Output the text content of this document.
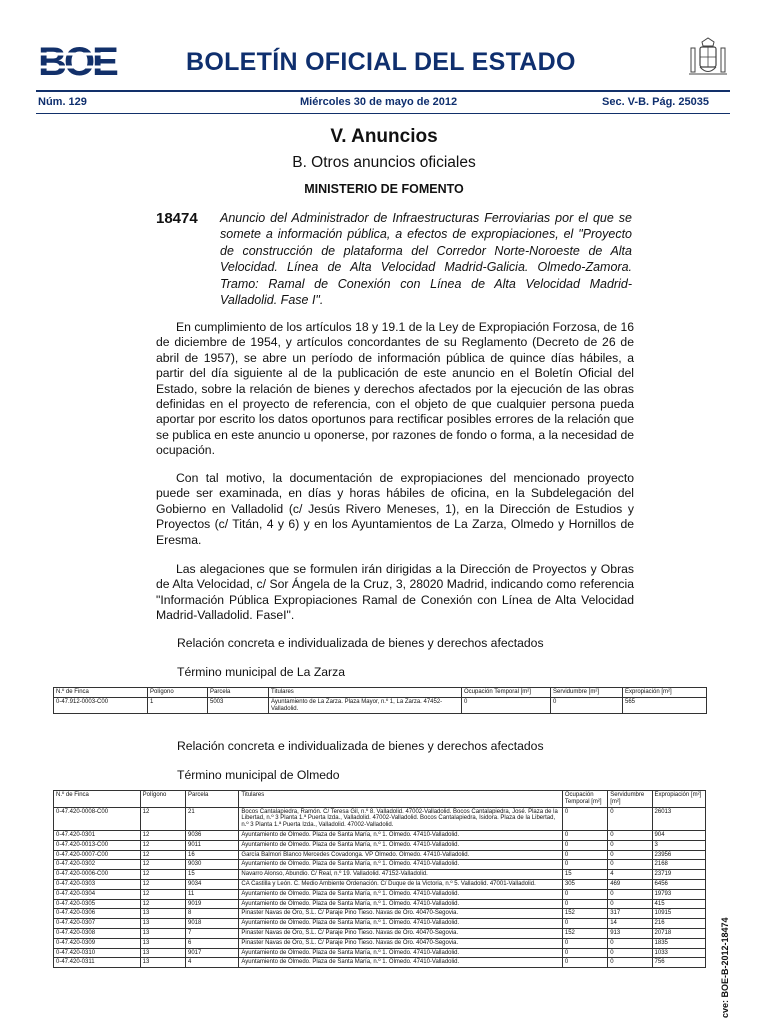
BOE	BOLETÍN OFICIAL DEL ESTADO
Núm. 129	Miércoles 30 de mayo de 2012	Sec. V-B. Pág. 25035
V. Anuncios
B. Otros anuncios oficiales
MINISTERIO DE FOMENTO
18474 Anuncio del Administrador de Infraestructuras Ferroviarias por el que se somete a información pública, a efectos de expropiaciones, el "Proyecto de construcción de plataforma del Corredor Norte-Noroeste de Alta Velocidad. Línea de Alta Velocidad Madrid-Galicia. Olmedo-Zamora. Tramo: Ramal de Conexión con Línea de Alta Velocidad Madrid-Valladolid. Fase I".
En cumplimiento de los artículos 18 y 19.1 de la Ley de Expropiación Forzosa, de 16 de diciembre de 1954, y artículos concordantes de su Reglamento (Decreto de 26 de abril de 1957), se abre un período de información pública de quince días hábiles, a partir del día siguiente al de la publicación de este anuncio en el Boletín Oficial del Estado, sobre la relación de bienes y derechos afectados por la ejecución de las obras definidas en el proyecto de referencia, con el objeto de que cualquier persona pueda aportar por escrito los datos oportunos para rectificar posibles errores de la relación que se publica en este anuncio u oponerse, por razones de fondo o forma, a la necesidad de ocupación.
Con tal motivo, la documentación de expropiaciones del mencionado proyecto puede ser examinada, en días y horas hábiles de oficina, en la Subdelegación del Gobierno en Valladolid (c/ Jesús Rivero Meneses, 1), en la Dirección de Estudios y Proyectos (c/ Titán, 4 y 6) y en los Ayuntamientos de La Zarza, Olmedo y Hornillos de Eresma.
Las alegaciones que se formulen irán dirigidas a la Dirección de Proyectos y Obras de Alta Velocidad, c/ Sor Ángela de la Cruz, 3, 28020 Madrid, indicando como referencia "Información Pública Expropiaciones Ramal de Conexión con Línea de Alta Velocidad Madrid-Valladolid. FaseI".
Relación concreta e individualizada de bienes y derechos afectados
Término municipal de La Zarza
N.º de Finca	Polígono	Parcela	Titulares	Ocupación Temporal [m²]	Servidumbre [m²]	Expropiación [m²]
0-47.912-0003-C00	1	5003	Ayuntamiento de La Zarza. Plaza Mayor, n.º 1, La Zarza. 47452-Valladolid.	0	0	565
Relación concreta e individualizada de bienes y derechos afectados
Término municipal de Olmedo
N.º de Finca	Polígono	Parcela	Titulares	Ocupación Temporal [m²]	Servidumbre [m²]	Expropiación [m²]
0-47.420-0008-C00	12	21	Bocos Cantalapiedra, Ramón. C/ Teresa Gil, n.º 8. Valladolid. 47002-Valladolid. Bocos Cantalapiedra, José. Plaza de la Libertad, n.º 3 Planta 1.ª Puerta Izda., Valladolid. 47002-Valladolid. Bocos Cantalapiedra, Isidora. Plaza de la Libertad, n.º 3 Planta 1.ª Puerta Izda., Valladolid. 47002-Valladolid.	0	0	26013
0-47.420-0301	12	9036	Ayuntamiento de Olmedo. Plaza de Santa María, n.º 1. Olmedo. 47410-Valladolid.	0	0	904
0-47.420-0013-C00	12	9011	Ayuntamiento de Olmedo. Plaza de Santa María, n.º 1. Olmedo. 47410-Valladolid.	0	0	3
0-47.420-0007-C00	12	16	García Balmori Blanco Mercedes Covadonga. VP Olmedo. Olmedo. 47410-Valladolid.	0	0	23956
0-47.420-0302	12	9030	Ayuntamiento de Olmedo. Plaza de Santa María, n.º 1. Olmedo. 47410-Valladolid.	0	0	2168
0-47.420-0006-C00	12	15	Navarro Alonso, Abundio. C/ Real, n.º 19. Valladolid. 47152-Valladolid.	15	4	23719
0-47.420-0303	12	9034	CA Castilla y León. C. Medio Ambiente Ordenación. C/ Duque de la Victoria, n.º 5. Valladolid. 47001-Valladolid.	305	469	6456
0-47.420-0304	12	11	Ayuntamiento de Olmedo. Plaza de Santa María, n.º 1. Olmedo. 47410-Valladolid.	0	0	19793
0-47.420-0305	12	9019	Ayuntamiento de Olmedo. Plaza de Santa María, n.º 1. Olmedo. 47410-Valladolid.	0	0	415
0-47.420-0306	13	8	Pinaster Navas de Oro, S.L. C/ Paraje Pino Tieso. Navas de Oro. 40470-Segovia.	152	317	10915
0-47.420-0307	13	9018	Ayuntamiento de Olmedo. Plaza de Santa María, n.º 1. Olmedo. 47410-Valladolid.	0	14	216
0-47.420-0308	13	7	Pinaster Navas de Oro, S.L. C/ Paraje Pino Tieso. Navas de Oro. 40470-Segovia.	152	913	20718
0-47.420-0309	13	6	Pinaster Navas de Oro, S.L. C/ Paraje Pino Tieso. Navas de Oro. 40470-Segovia.	0	0	1835
0-47.420-0310	13	9017	Ayuntamiento de Olmedo. Plaza de Santa María, n.º 1. Olmedo. 47410-Valladolid.	0	0	1033
0-47.420-0311	13	4	Ayuntamiento de Olmedo. Plaza de Santa María, n.º 1. Olmedo. 47410-Valladolid.	0	0	756	cve: BOE-B-2012-18474
